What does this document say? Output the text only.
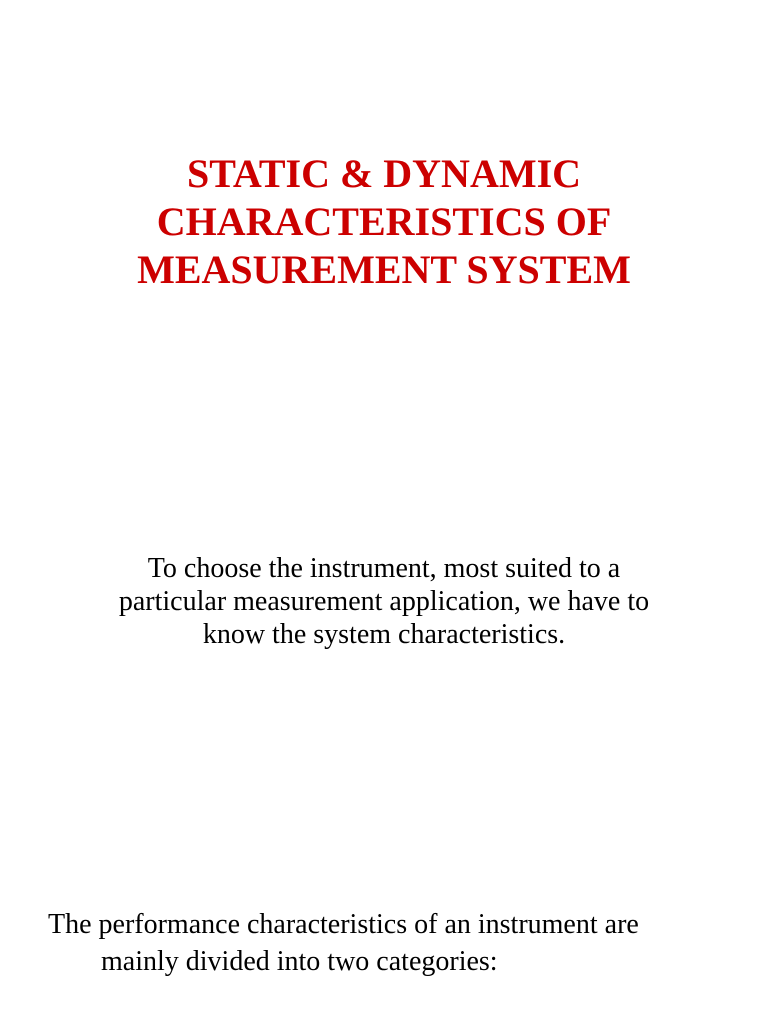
STATIC & DYNAMIC
CHARACTERISTICS OF
MEASUREMENT SYSTEM
To choose the instrument, most suited to a
particular measurement application, we have to
know the system characteristics.
The performance characteristics of an instrument are
mainly divided into two categories:
